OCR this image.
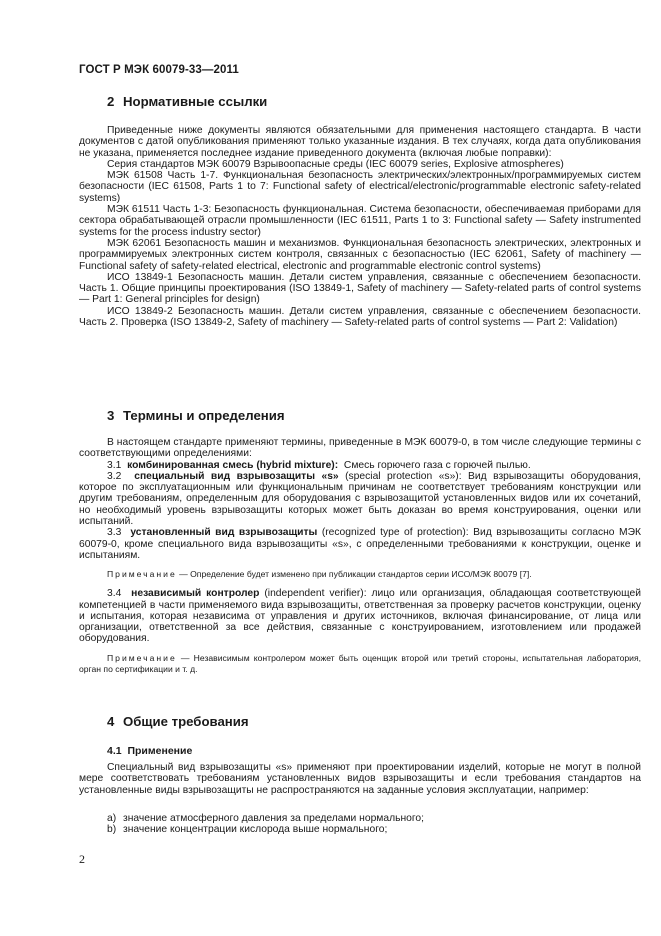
ГОСТ Р МЭК 60079-33—2011
2 Нормативные ссылки

Приведенные ниже документы являются обязательными для применения настоящего стандарта. В части документов с датой опубликования применяют только указанные издания. В тех случаях, когда дата опубликования не указана, применяется последнее издание приведенного документа (включая любые поправки):

Серия стандартов МЭК 60079 Взрывоопасные среды (IEC 60079 series, Explosive atmospheres)

МЭК 61508 Часть 1-7. Функциональная безопасность электрических/электронных/программируемых систем безопасности (IEC 61508, Parts 1 to 7: Functional safety of electrical/electronic/programmable electronic safety-related systems)

МЭК 61511 Часть 1-3: Безопасность функциональная. Система безопасности, обеспечиваемая приборами для сектора обрабатывающей отрасли промышленности (IEC 61511, Parts 1 to 3: Functional safety — Safety instrumented systems for the process industry sector)

МЭК 62061 Безопасность машин и механизмов. Функциональная безопасность электрических, электронных и программируемых электронных систем контроля, связанных с безопасностью (IEC 62061, Safety of machinery — Functional safety of safety-related electrical, electronic and programmable electronic control systems)

ИСО 13849-1 Безопасность машин. Детали систем управления, связанные с обеспечением безопасности. Часть 1. Общие принципы проектирования (ISO 13849-1, Safety of machinery — Safety-related parts of control systems — Part 1: General principles for design)

ИСО 13849-2 Безопасность машин. Детали систем управления, связанные с обеспечением безопасности. Часть 2. Проверка (ISO 13849-2, Safety of machinery — Safety-related parts of control systems — Part 2: Validation)

3 Термины и определения

В настоящем стандарте применяют термины, приведенные в МЭК 60079-0, в том числе следующие термины с соответствующими определениями:

3.1 комбинированная смесь (hybrid mixture): Смесь горючего газа с горючей пылью.

3.2 специальный вид взрывозащиты «s» (special protection «s»): Вид взрывозащиты оборудования, которое по эксплуатационным или функциональным причинам не соответствует требованиям конструкции или другим требованиям, определенным для оборудования с взрывозащитой установленных видов или их сочетаний, но необходимый уровень взрывозащиты которых может быть доказан во время конструирования, оценки или испытаний.

3.3 установленный вид взрывозащиты (recognized type of protection): Вид взрывозащиты согласно МЭК 60079-0, кроме специального вида взрывозащиты «s», с определенными требованиями к конструкции, оценке и испытаниям.

Примечание — Определение будет изменено при публикации стандартов серии ИСО/МЭК 80079 [7].

3.4 независимый контролер (independent verifier): лицо или организация, обладающая соответствующей компетенцией в части применяемого вида взрывозащиты, ответственная за проверку расчетов конструкции, оценку и испытания, которая независима от управления и других источников, включая финансирование, от лица или организации, ответственной за все действия, связанные с конструированием, изготовлением или продажей оборудования.

Примечание — Независимым контролером может быть оценщик второй или третий стороны, испытательная лаборатория, орган по сертификации и т. д.

4 Общие требования
4.1 Применение

Специальный вид взрывозащиты «s» применяют при проектировании изделий, которые не могут в полной мере соответствовать требованиям установленных видов взрывозащиты и если требования стандартов на установленные виды взрывозащиты не распространяются на заданные условия эксплуатации, например:

a) значение атмосферного давления за пределами нормального;
b) значение концентрации кислорода выше нормального;
2
